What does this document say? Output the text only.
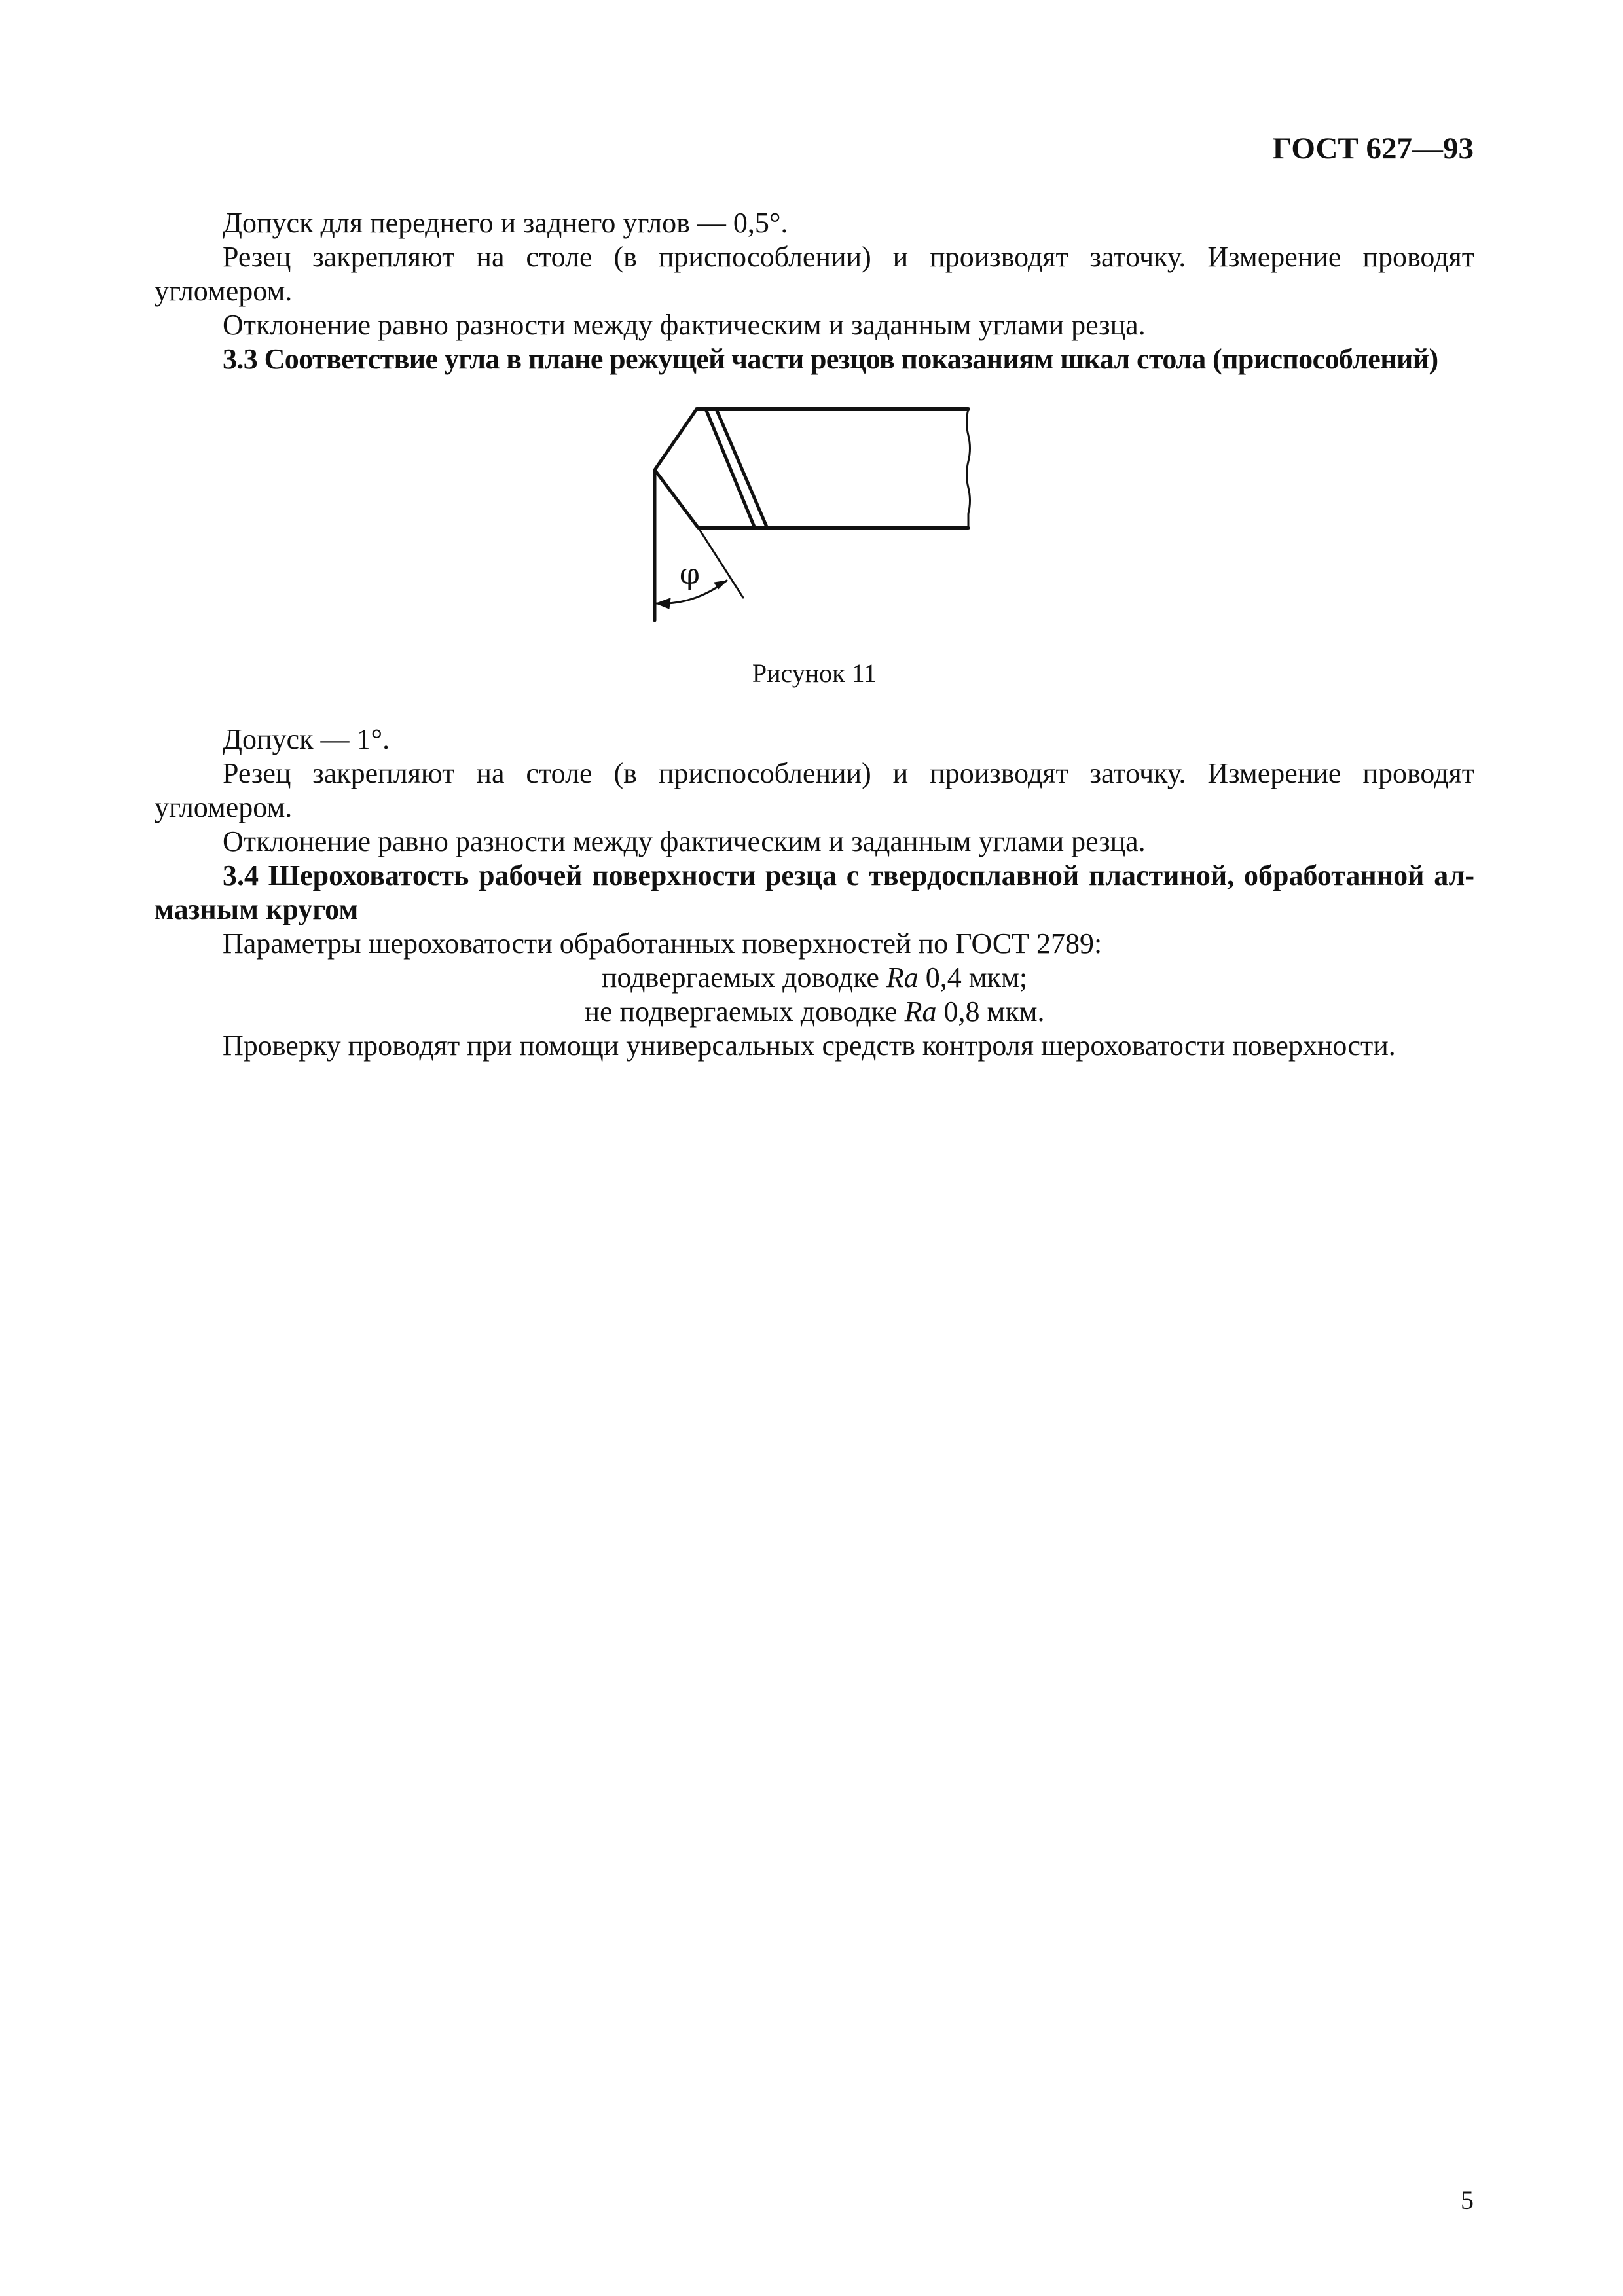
ГОСТ 627—93
Допуск для переднего и заднего углов — 0,5°.
Резец закрепляют на столе (в приспособлении) и производят заточку. Измерение проводят
угломером.
Отклонение равно разности между фактическим и заданным углами резца.
3.3 Соответствие угла в плане режущей части резцов показаниям шкал стола (приспособлений)
φ
Рисунок 11
Допуск — 1°.
Резец закрепляют на столе (в приспособлении) и производят заточку. Измерение проводят
угломером.
Отклонение равно разности между фактическим и заданным углами резца.
3.4 Шероховатость рабочей поверхности резца с твердосплавной пластиной, обработанной ал-
мазным кругом
Параметры шероховатости обработанных поверхностей по ГОСТ 2789:
подвергаемых доводке Ra 0,4 мкм;
не подвергаемых доводке Ra 0,8 мкм.
Проверку проводят при помощи универсальных средств контроля шероховатости поверхности.
5
